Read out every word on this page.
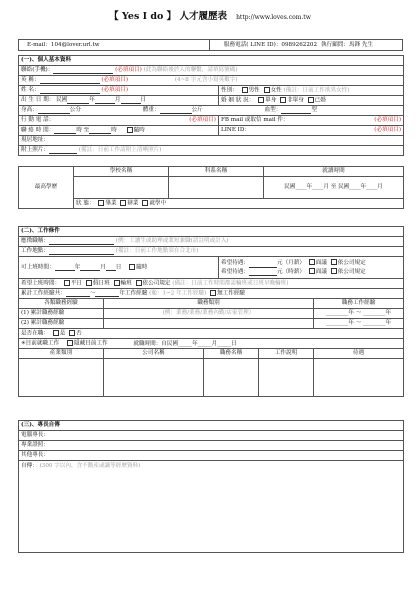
【 Yes I do 】 人才履歷表 http://www.loves.com.tw
E-mail：104@lover.url.tw	服務電話( LINE ID)：0989262202	執行顧問：馬鋒 先生
(一)、個人基本資料	
聯絡(手機)： (必填項目) (此為聯絡後於人的聯繫，請填寫號碼)	
英 稱： (必填項目) (4~8 字元含小寫英數字)	
姓 名： (必填項目)	性別： 男性 女性 (備註：日前工作欲異女性)
出 生 日 期： 民國 年 月 日	婚 姻 狀 況： 單身 非單身 已婚
身高： 公分 體重： 公斤 血型： 型	
行 動 電 話： (必填項目)	FB mail 或取信 mail 件： (必填項目)

聯 絡 時 間： 時 至 時 隨時	LINE ID： (必填項目)

現居地址：	
附上照片： (備註：日前工作請附上清晰照片)	
最高學歷	學校名稱	科系名稱	就讀時間
			民國____年____月 至 民國____年____月
	狀 態： 畢業 肄業 就學中		
(二)、工作條件
應徵職稱：	(例：工讀生或助理或業短兼職(請註明或計入)
工作地點：	(備註：日前工作地點須在合北市)
可上班時間：	年	月 日	隨時	
希望待遇：	元（月薪） 面議 依公司規定
希望待遇：	元（時薪） 面議 依公司規定

希望上班時間： 平日 假日班 輪班 依公司規定 (備註：日前工作時間都需輪班或日班早晚輪班)
累計工作經驗共：	～	年工作經驗 (範：1~2 年工作經驗) 無工作經驗
各類職務經驗	職務類別			職務工作經驗
(1) 累計職務經驗	(例：業務/業務/業務內勤/店家管理）			________年 ～ ________年
(2) 累計職務經驗				________年 ～ ________年
是否在職： 是 否				
✳目前就職工作 隱藏目前工作 就職時間：自民國_____年_____月_____日				
產業類別	公司名稱	職務名稱	工作說明	待遇

(三)、專長自傳
電腦專長：
專業證照：
其他專長：
自傳： (300 字以內，含不動產或識等經歷資料)
